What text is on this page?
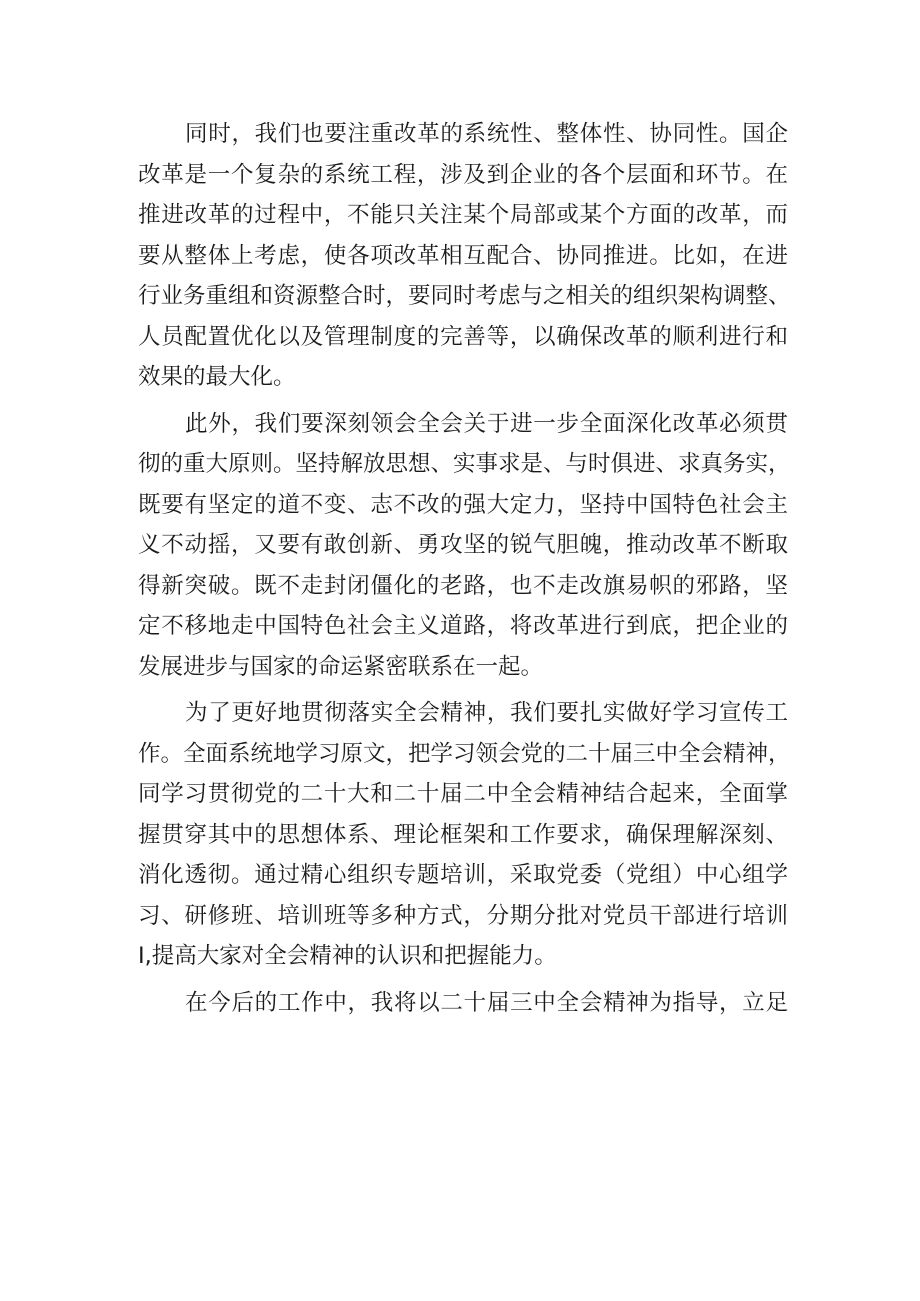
同时，我们也要注重改革的系统性、整体性、协同性。国企
改革是一个复杂的系统工程，涉及到企业的各个层面和环节。在
推进改革的过程中，不能只关注某个局部或某个方面的改革，而
要从整体上考虑，使各项改革相互配合、协同推进。比如，在进
行业务重组和资源整合时，要同时考虑与之相关的组织架构调整、
人员配置优化以及管理制度的完善等，以确保改革的顺利进行和
效果的最大化。
此外，我们要深刻领会全会关于进一步全面深化改革必须贯
彻的重大原则。坚持解放思想、实事求是、与时俱进、求真务实，
既要有坚定的道不变、志不改的强大定力，坚持中国特色社会主
义不动摇，又要有敢创新、勇攻坚的锐气胆魄，推动改革不断取
得新突破。既不走封闭僵化的老路，也不走改旗易帜的邪路，坚
定不移地走中国特色社会主义道路，将改革进行到底，把企业的
发展进步与国家的命运紧密联系在一起。
为了更好地贯彻落实全会精神，我们要扎实做好学习宣传工
作。全面系统地学习原文，把学习领会党的二十届三中全会精神，
同学习贯彻党的二十大和二十届二中全会精神结合起来，全面掌
握贯穿其中的思想体系、理论框架和工作要求，确保理解深刻、
消化透彻。通过精心组织专题培训，采取党委（党组）中心组学
习、研修班、培训班等多种方式，分期分批对党员干部进行培训
I,提高大家对全会精神的认识和把握能力。
在今后的工作中，我将以二十届三中全会精神为指导，立足
